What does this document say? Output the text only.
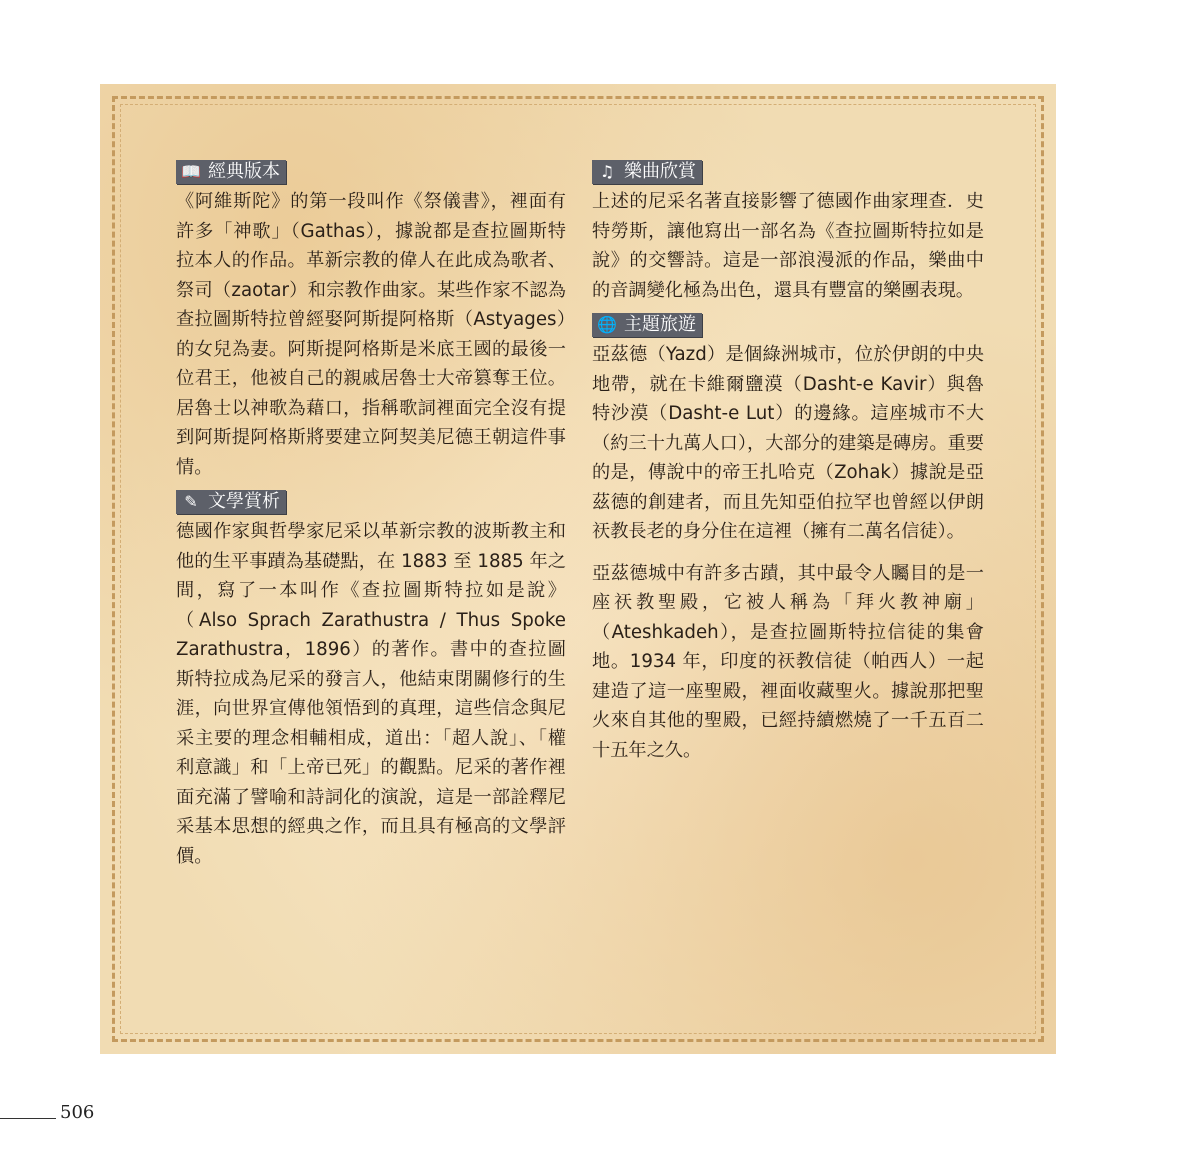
📖 經典版本

《阿維斯陀》的第一段叫作《祭儀書》，裡面有許多「神歌」（Gathas），據說都是查拉圖斯特拉本人的作品。革新宗教的偉人在此成為歌者、祭司（zaotar）和宗教作曲家。某些作家不認為查拉圖斯特拉曾經娶阿斯提阿格斯（Astyages）的女兒為妻。阿斯提阿格斯是米底王國的最後一位君王，他被自己的親戚居魯士大帝篡奪王位。居魯士以神歌為藉口，指稱歌詞裡面完全沒有提到阿斯提阿格斯將要建立阿契美尼德王朝這件事情。

✎ 文學賞析

德國作家與哲學家尼采以革新宗教的波斯教主和他的生平事蹟為基礎點，在 1883 至 1885 年之間，寫了一本叫作《查拉圖斯特拉如是說》（Also Sprach Zarathustra / Thus Spoke Zarathustra，1896）的著作。書中的查拉圖斯特拉成為尼采的發言人，他結束閉關修行的生涯，向世界宣傳他領悟到的真理，這些信念與尼采主要的理念相輔相成，道出：「超人說」、「權利意識」和「上帝已死」的觀點。尼采的著作裡面充滿了譬喻和詩詞化的演說，這是一部詮釋尼采基本思想的經典之作，而且具有極高的文學評價。

♫ 樂曲欣賞

上述的尼采名著直接影響了德國作曲家理查．史特勞斯，讓他寫出一部名為《查拉圖斯特拉如是說》的交響詩。這是一部浪漫派的作品，樂曲中的音調變化極為出色，還具有豐富的樂團表現。

🌐 主題旅遊

亞茲德（Yazd）是個綠洲城市，位於伊朗的中央地帶，就在卡維爾鹽漠（Dasht-e Kavir）與魯特沙漠（Dasht-e Lut）的邊緣。這座城市不大（約三十九萬人口），大部分的建築是磚房。重要的是，傳說中的帝王扎哈克（Zohak）據說是亞茲德的創建者，而且先知亞伯拉罕也曾經以伊朗祆教長老的身分住在這裡（擁有二萬名信徒）。

亞茲德城中有許多古蹟，其中最令人矚目的是一座祆教聖殿，它被人稱為「拜火教神廟」（Ateshkadeh），是查拉圖斯特拉信徒的集會地。1934 年，印度的祆教信徒（帕西人）一起建造了這一座聖殿，裡面收藏聖火。據說那把聖火來自其他的聖殿，已經持續燃燒了一千五百二十五年之久。

506
